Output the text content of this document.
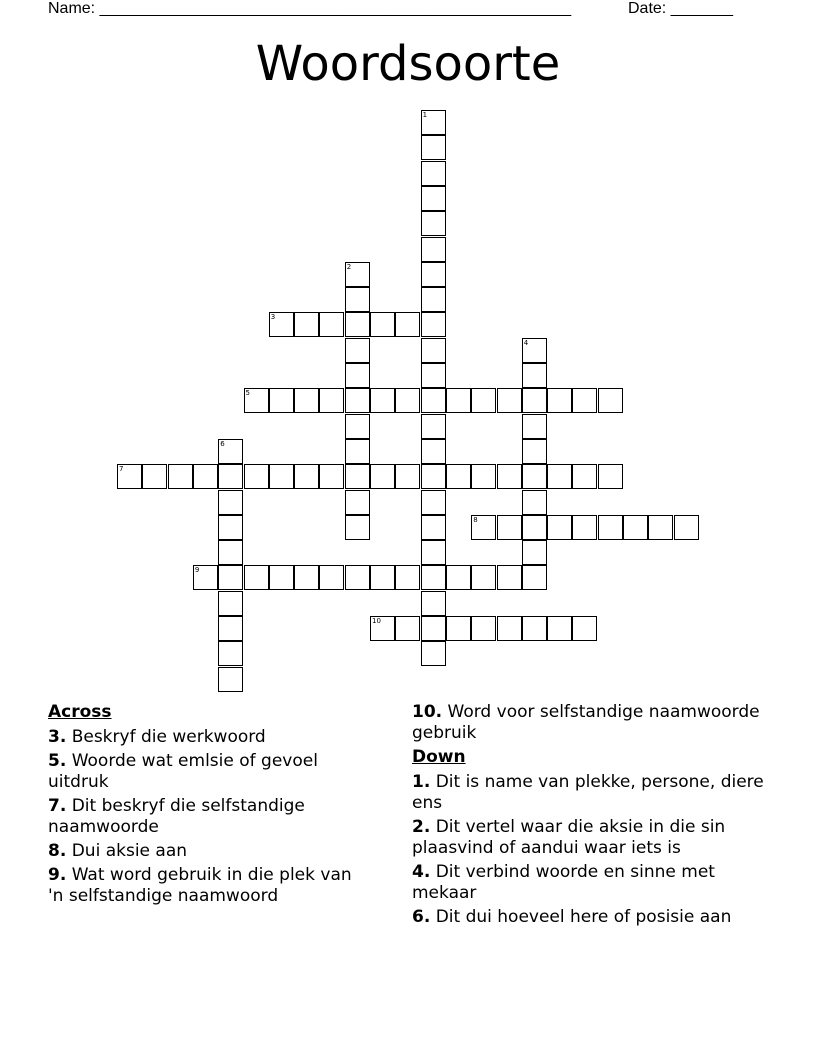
Name: _____________________________________________________	Date: _______
Woordsoorte
1
2
3
4
5
6
7
8
9
10
Across
3. Beskryf die werkwoord
5. Woorde wat emlsie of gevoel uitdruk
7. Dit beskryf die selfstandige naamwoorde
8. Dui aksie aan
9. Wat word gebruik in die plek van 'n selfstandige naamwoord
10. Word voor selfstandige naamwoorde gebruik
Down
1. Dit is name van plekke, persone, diere ens
2. Dit vertel waar die aksie in die sin plaasvind of aandui waar iets is
4. Dit verbind woorde en sinne met mekaar
6. Dit dui hoeveel here of posisie aan
